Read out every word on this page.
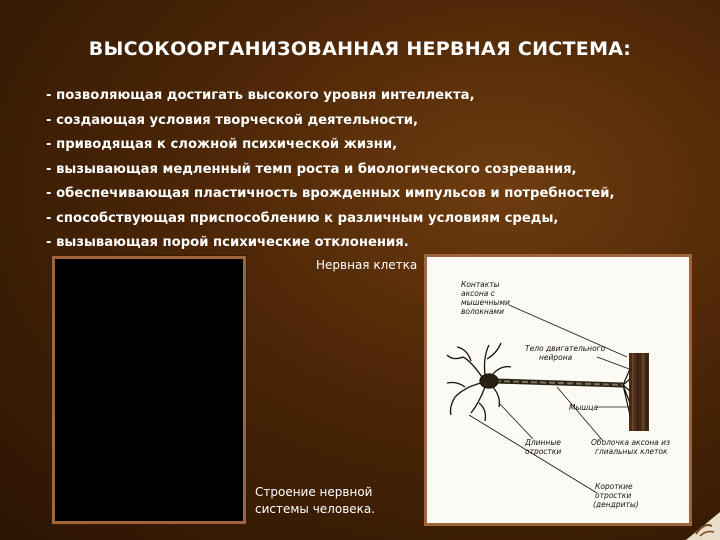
ВЫСОКООРГАНИЗОВАННАЯ НЕРВНАЯ СИСТЕМА:
- позволяющая достигать высокого уровня интеллекта,
- создающая условия творческой деятельности,
- приводящая к сложной психической жизни,
- вызывающая медленный темп роста и биологического созревания,
- обеспечивающая пластичность врожденных импульсов и потребностей,
- способствующая приспособлению к различным условиям среды,
- вызывающая порой психические отклонения.
Нервная клетка
Строение нервной
системы человека.
Контакты
аксона с
мышечными
волокнами
Тело двигательного
нейрона
Мышца
Длинные
отростки
Оболочка аксона из
глиальных клеток
Короткие
отростки
(дендриты)
